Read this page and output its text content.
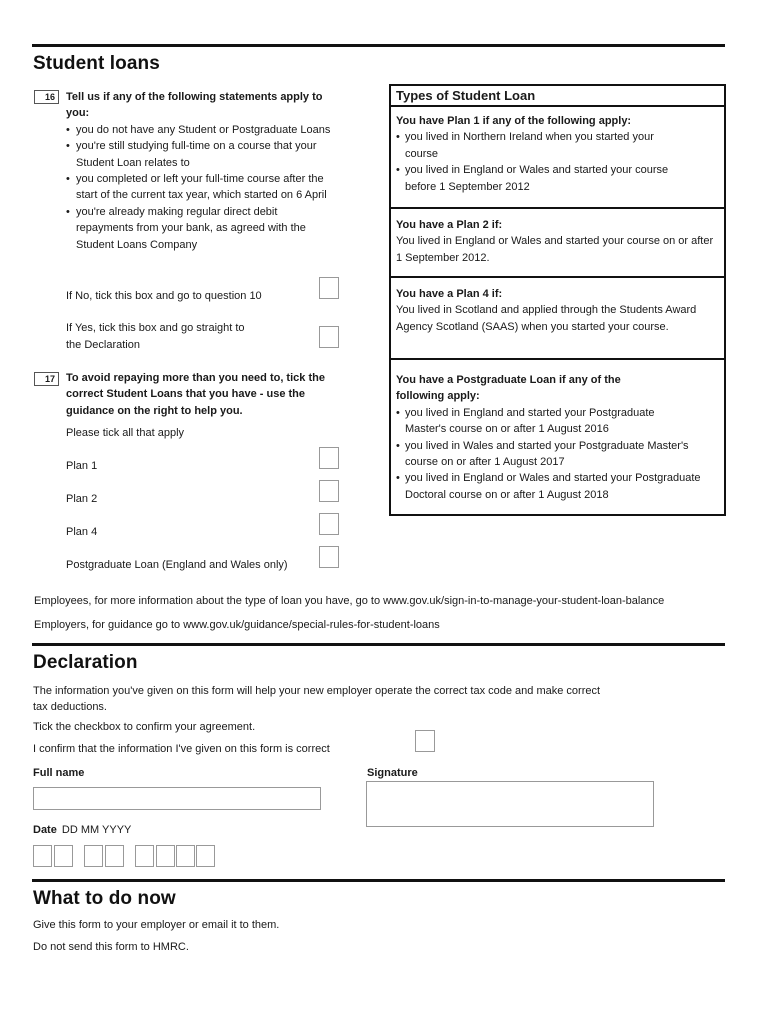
Student loans
16	Tell us if any of the following statements apply to you:
• you do not have any Student or Postgraduate Loans
• you're still studying full-time on a course that your Student Loan relates to
• you completed or left your full-time course after the start of the current tax year, which started on 6 April
• you're already making regular direct debit repayments from your bank, as agreed with the Student Loans Company
If No, tick this box and go to question 10
If Yes, tick this box and go straight to
the Declaration
17	To avoid repaying more than you need to, tick the correct Student Loans that you have - use the guidance on the right to help you.
Please tick all that apply
Plan 1
Plan 2
Plan 4
Postgraduate Loan (England and Wales only)
Types of Student Loan
You have Plan 1 if any of the following apply:
• you lived in Northern Ireland when you started your course
• you lived in England or Wales and started your course before 1 September 2012
You have a Plan 2 if:
You lived in England or Wales and started your course on or after 1 September 2012.
You have a Plan 4 if:
You lived in Scotland and applied through the Students Award Agency Scotland (SAAS) when you started your course.
You have a Postgraduate Loan if any of the following apply:
• you lived in England and started your Postgraduate Master's course on or after 1 August 2016
• you lived in Wales and started your Postgraduate Master's course on or after 1 August 2017
• you lived in England or Wales and started your Postgraduate Doctoral course on or after 1 August 2018
Employees, for more information about the type of loan you have, go to www.gov.uk/sign-in-to-manage-your-student-loan-balance
Employers, for guidance go to www.gov.uk/guidance/special-rules-for-student-loans
Declaration
The information you've given on this form will help your new employer operate the correct tax code and make correct
tax deductions.
Tick the checkbox to confirm your agreement.
I confirm that the information I've given on this form is correct
Full name	Signature
Date DD MM YYYY
What to do now
Give this form to your employer or email it to them.
Do not send this form to HMRC.
